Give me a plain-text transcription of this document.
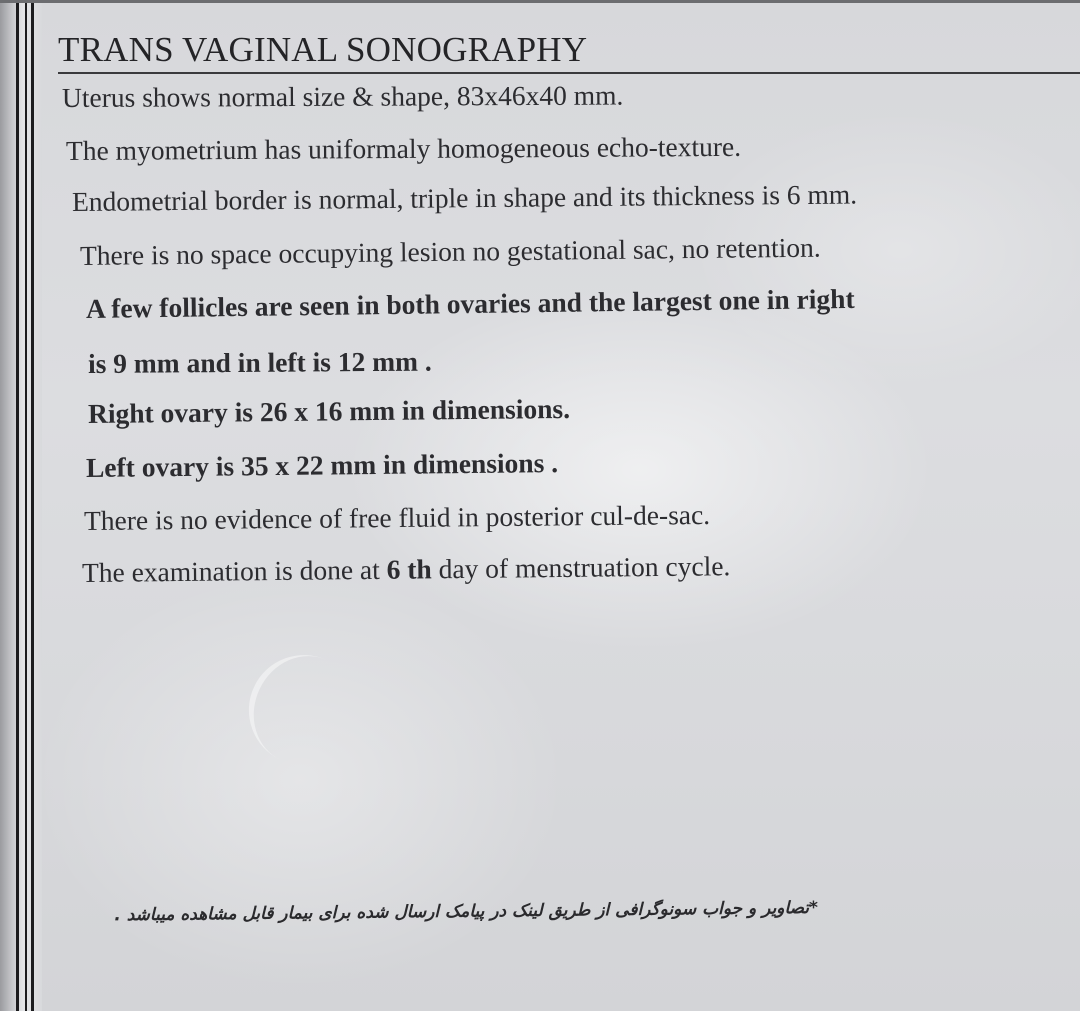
TRANS VAGINAL SONOGRAPHY
Uterus shows normal size & shape, 83x46x40 mm.
The myometrium has uniformaly homogeneous echo-texture.
Endometrial border is normal, triple in shape and its thickness is 6 mm.
There is no space occupying lesion no gestational sac, no retention.
A few follicles are seen in both ovaries and the largest one in right
is 9 mm and in left is 12 mm .
Right ovary is 26 x 16 mm in dimensions.
Left ovary is 35 x 22 mm in dimensions .
There is no evidence of free fluid in posterior cul-de-sac.
The examination is done at 6 th day of menstruation cycle.
*تصاویر و جواب سونوگرافی از طریق لینک در پیامک ارسال شده برای بیمار قابل مشاهده میباشد .
